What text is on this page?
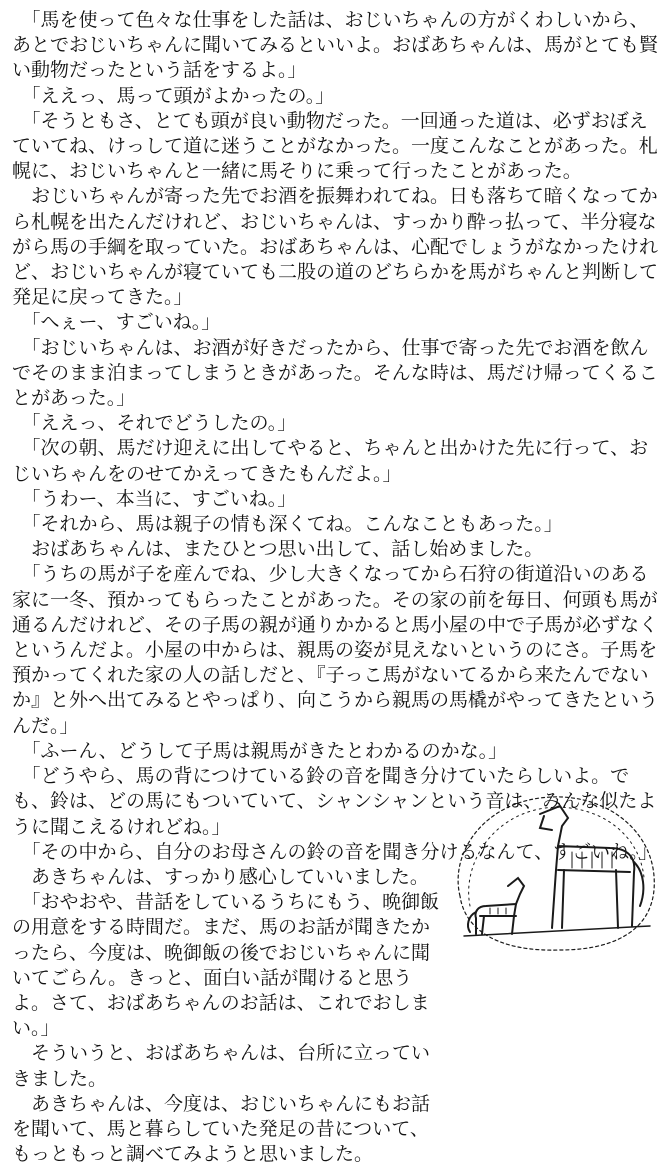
　「馬を使って色々な仕事をした話は、おじいちゃんの方がくわしいから、あとでおじいちゃんに聞いてみるといいよ。おばあちゃんは、馬がとても賢い動物だったという話をするよ。」

　「ええっ、馬って頭がよかったの。」

　「そうともさ、とても頭が良い動物だった。一回通った道は、必ずおぼえていてね、けっして道に迷うことがなかった。一度こんなことがあった。札幌に、おじいちゃんと一緒に馬そりに乗って行ったことがあった。

　おじいちゃんが寄った先でお酒を振舞われてね。日も落ちて暗くなってから札幌を出たんだけれど、おじいちゃんは、すっかり酔っ払って、半分寝ながら馬の手綱を取っていた。おばあちゃんは、心配でしょうがなかったけれど、おじいちゃんが寝ていても二股の道のどちらかを馬がちゃんと判断して発足に戻ってきた。」

　「へぇー、すごいね。」

　「おじいちゃんは、お酒が好きだったから、仕事で寄った先でお酒を飲んでそのまま泊まってしまうときがあった。そんな時は、馬だけ帰ってくることがあった。」

　「ええっ、それでどうしたの。」

　「次の朝、馬だけ迎えに出してやると、ちゃんと出かけた先に行って、おじいちゃんをのせてかえってきたもんだよ。」

　「うわー、本当に、すごいね。」

　「それから、馬は親子の情も深くてね。こんなこともあった。」

　おばあちゃんは、またひとつ思い出して、話し始めました。

　「うちの馬が子を産んでね、少し大きくなってから石狩の街道沿いのある家に一冬、預かってもらったことがあった。その家の前を毎日、何頭も馬が通るんだけれど、その子馬の親が通りかかると馬小屋の中で子馬が必ずなくというんだよ。小屋の中からは、親馬の姿が見えないというのにさ。子馬を預かってくれた家の人の話しだと、『子っこ馬がないてるから来たんでないか』と外へ出てみるとやっぱり、向こうから親馬の馬橇がやってきたというんだ。」

　「ふーん、どうして子馬は親馬がきたとわかるのかな。」

　「どうやら、馬の背につけている鈴の音を聞き分けていたらしいよ。でも、鈴は、どの馬にもついていて、シャンシャンという音は、みんな似たように聞こえるけれどね。」

　「その中から、自分のお母さんの鈴の音を聞き分けるなんて、すごいね。」

　あきちゃんは、すっかり感心していいました。

　「おやおや、昔話をしているうちにもう、晩御飯の用意をする時間だ。まだ、馬のお話が聞きたかったら、今度は、晩御飯の後でおじいちゃんに聞いてごらん。きっと、面白い話が聞けると思うよ。さて、おばあちゃんのお話は、これでおしまい。」

　そういうと、おばあちゃんは、台所に立っていきました。

　あきちゃんは、今度は、おじいちゃんにもお話を聞いて、馬と暮らしていた発足の昔について、もっともっと調べてみようと思いました。
